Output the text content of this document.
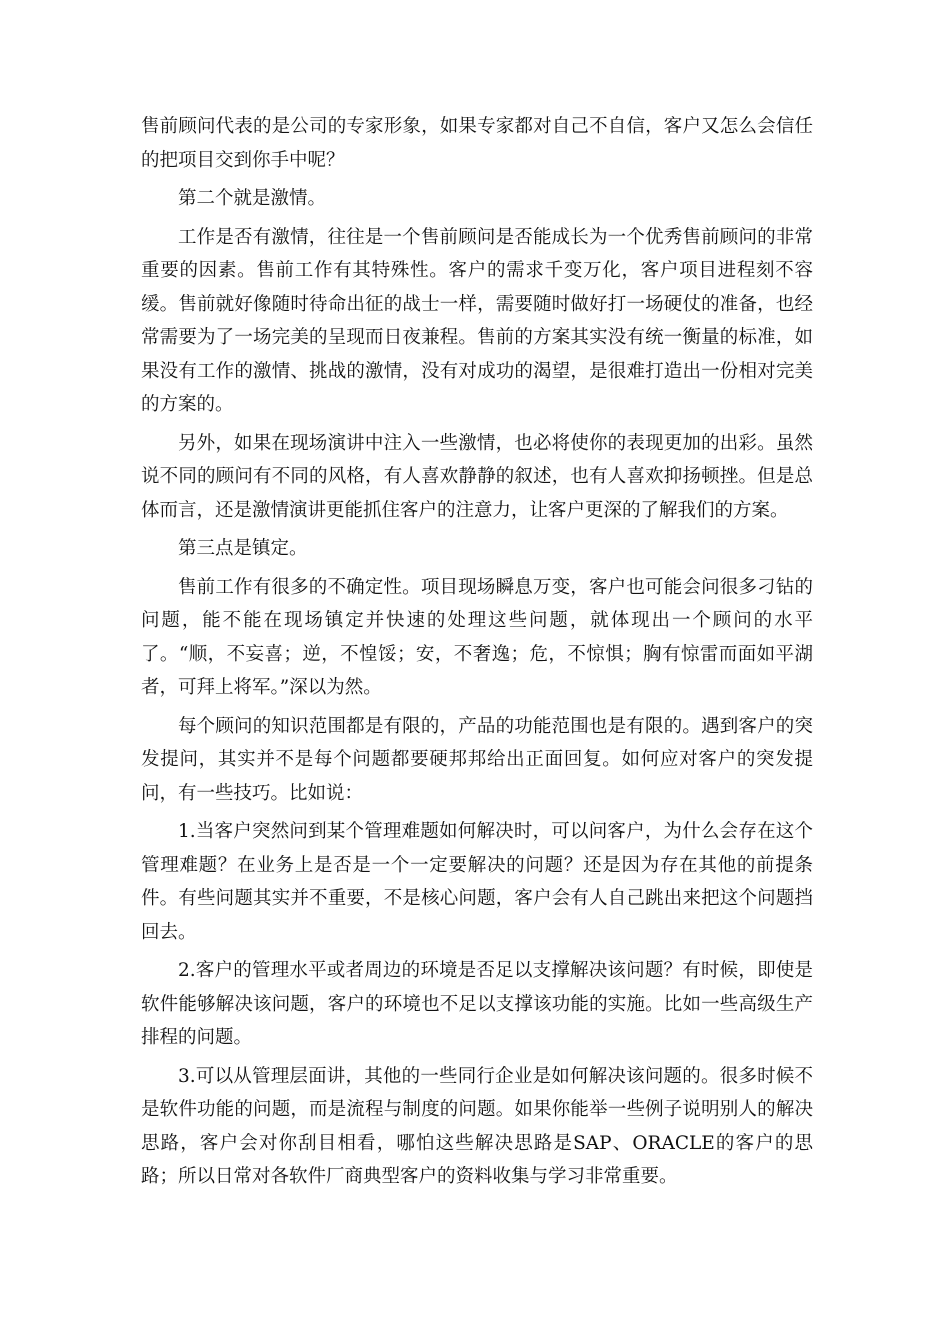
售前顾问代表的是公司的专家形象，如果专家都对自己不自信，客户又怎么会信任的把项目交到你手中呢？

第二个就是激情。

工作是否有激情，往往是一个售前顾问是否能成长为一个优秀售前顾问的非常重要的因素。售前工作有其特殊性。客户的需求千变万化，客户项目进程刻不容缓。售前就好像随时待命出征的战士一样，需要随时做好打一场硬仗的准备，也经常需要为了一场完美的呈现而日夜兼程。售前的方案其实没有统一衡量的标准，如果没有工作的激情、挑战的激情，没有对成功的渴望，是很难打造出一份相对完美的方案的。

另外，如果在现场演讲中注入一些激情，也必将使你的表现更加的出彩。虽然说不同的顾问有不同的风格，有人喜欢静静的叙述，也有人喜欢抑扬顿挫。但是总体而言，还是激情演讲更能抓住客户的注意力，让客户更深的了解我们的方案。

第三点是镇定。

售前工作有很多的不确定性。项目现场瞬息万变，客户也可能会问很多刁钻的问题，能不能在现场镇定并快速的处理这些问题，就体现出一个顾问的水平了。“顺，不妄喜；逆，不惶馁；安，不奢逸；危，不惊惧；胸有惊雷而面如平湖者，可拜上将军。”深以为然。

每个顾问的知识范围都是有限的，产品的功能范围也是有限的。遇到客户的突发提问，其实并不是每个问题都要硬邦邦给出正面回复。如何应对客户的突发提问，有一些技巧。比如说：

1.当客户突然问到某个管理难题如何解决时，可以问客户，为什么会存在这个管理难题？在业务上是否是一个一定要解决的问题？还是因为存在其他的前提条件。有些问题其实并不重要，不是核心问题，客户会有人自己跳出来把这个问题挡回去。

2.客户的管理水平或者周边的环境是否足以支撑解决该问题？有时候，即使是软件能够解决该问题，客户的环境也不足以支撑该功能的实施。比如一些高级生产排程的问题。

3.可以从管理层面讲，其他的一些同行企业是如何解决该问题的。很多时候不是软件功能的问题，而是流程与制度的问题。如果你能举一些例子说明别人的解决思路，客户会对你刮目相看，哪怕这些解决思路是SAP、ORACLE的客户的思路；所以日常对各软件厂商典型客户的资料收集与学习非常重要。
